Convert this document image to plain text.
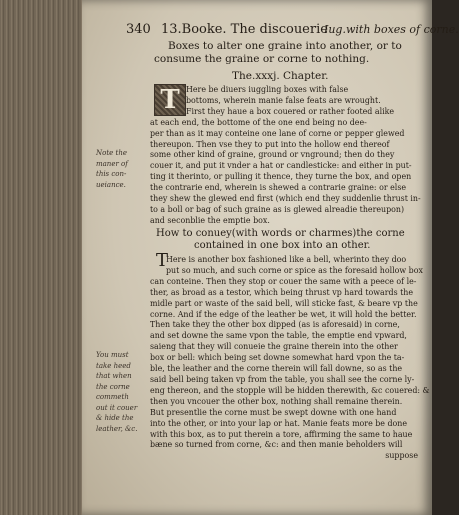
340 13.Booke. The discouerie
Iug.with boxes of corne.
Boxes to alter one graine into another, or to
consume the graine or corne to nothing.
The.xxxj. Chapter.
T Here be diuers iuggling boxes with false
bottoms, wherein manie false feats are wrought.
First they haue a box couered or rather footed alike
at each end, the bottome of the one end being no dee-
per than as it may conteine one lane of corne or pepper glewed
thereupon. Then vse they to put into the hollow end thereof
some other kind of graine, ground or vnground; then do they
couer it, and put it vnder a hat or candlesticke: and either in put-
ting it therinto, or pulling it thence, they turne the box, and open
the contrarie end, wherein is shewed a contrarie graine: or else
they shew the glewed end first (which end they suddenlie thrust in-
to a boll or bag of such graine as is glewed alreadie thereupon)
and seconblie the emptie box.
Note the
maner of
this con-
ueiance.
How to conuey(with words or charmes)the corne
contained in one box into an other.
T
Here is another box fashioned like a bell, wherinto they doo
put so much, and such corne or spice as the foresaid hollow box
can conteine. Then they stop or couer the same with a peece of le-
ther, as broad as a testor, which being thrust vp hard towards the
midle part or waste of the said bell, will sticke fast, & beare vp the
corne. And if the edge of the leather be wet, it will hold the better.
Then take they the other box dipped (as is aforesaid) in corne,
and set downe the same vpon the table, the emptie end vpward,
saieng that they will conueie the graine therein into the other
box or bell: which being set downe somewhat hard vpon the ta-
ble, the leather and the corne therein will fall downe, so as the
said bell being taken vp from the table, you shall see the corne ly-
eng thereon, and the stopple will be hidden therewith, &c couered: &
then you vncouer the other box, nothing shall remaine therein.
But presentlie the corne must be swept downe with one hand
into the other, or into your lap or hat. Manie feats more be done
with this box, as to put therein a tore, affirming the same to haue
bæne so turned from corne, &c: and then manie beholders will
suppose
You must
take heed
that when
the corne
commeth
out it couer
& hide the
leather, &c.
